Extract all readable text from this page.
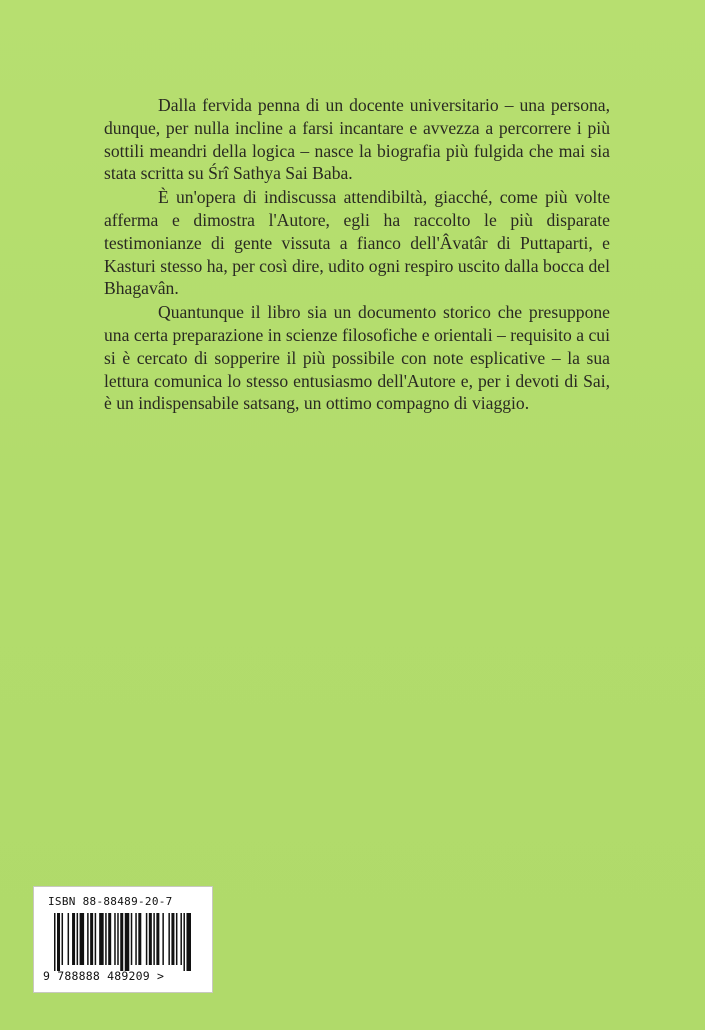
Dalla fervida penna di un docente universitario – una persona, dunque, per nulla incline a farsi incantare e avvezza a percorrere i più sottili meandri della logica – nasce la biografia più fulgida che mai sia stata scritta su Śrî Sathya Sai Baba.

È un'opera di indiscussa attendibiltà, giacché, come più volte afferma e dimostra l'Autore, egli ha raccolto le più disparate testimonianze di gente vissuta a fianco dell'Âvatâr di Puttaparti, e Kasturi stesso ha, per così dire, udito ogni respiro uscito dalla bocca del Bhagavân.

Quantunque il libro sia un documento storico che presuppone una certa preparazione in scienze filosofiche e orientali – requisito a cui si è cercato di sopperire il più possibile con note esplicative – la sua lettura comunica lo stesso entusiasmo dell'Autore e, per i devoti di Sai, è un indispensabile satsang, un ottimo compagno di viaggio.

ISBN 88-88489-20-7
9 788888 489209 >
